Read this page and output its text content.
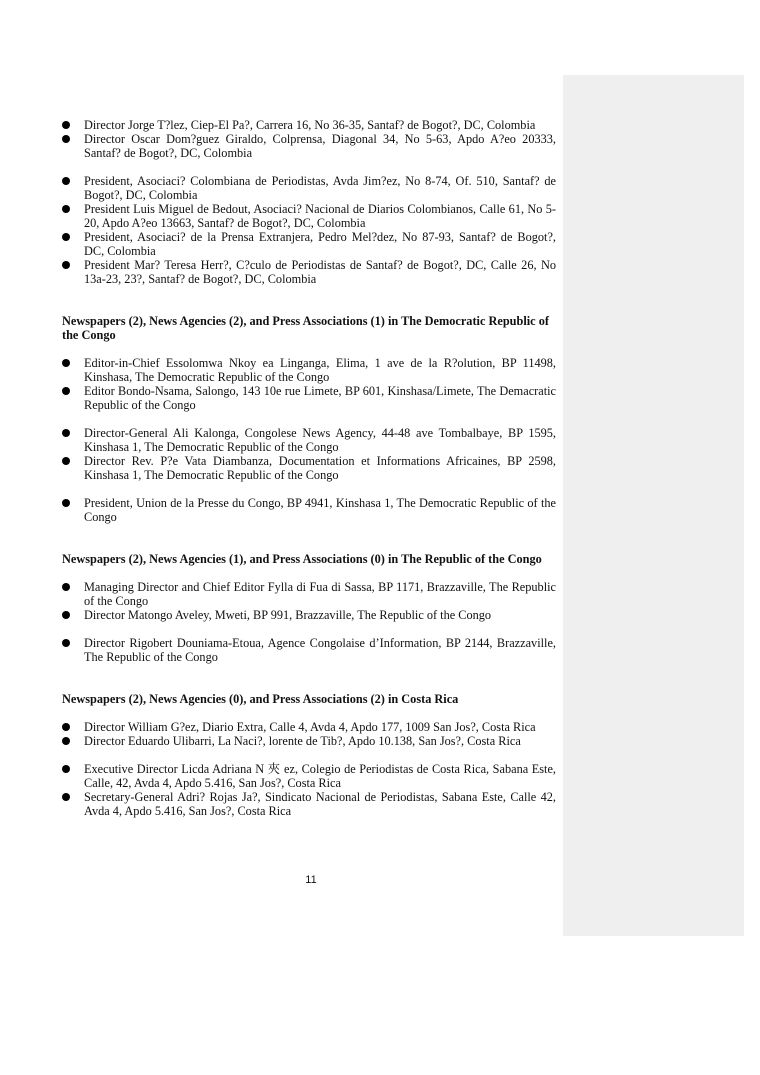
Director Jorge T?lez, Ciep-El Pa?, Carrera 16, No 36-35, Santaf? de Bogot?, DC, Colombia
Director Oscar Dom?guez Giraldo, Colprensa, Diagonal 34, No 5-63, Apdo A?eo 20333, Santaf? de Bogot?, DC, Colombia
President, Asociaci? Colombiana de Periodistas, Avda Jim?ez, No 8-74, Of. 510, Santaf? de Bogot?, DC, Colombia
President Luis Miguel de Bedout, Asociaci? Nacional de Diarios Colombianos, Calle 61, No 5-20, Apdo A?eo 13663, Santaf? de Bogot?, DC, Colombia
President, Asociaci? de la Prensa Extranjera, Pedro Mel?dez, No 87-93, Santaf? de Bogot?, DC, Colombia
President Mar? Teresa Herr?, C?culo de Periodistas de Santaf? de Bogot?, DC, Calle 26, No 13a-23, 23?, Santaf? de Bogot?, DC, Colombia
Newspapers (2), News Agencies (2), and Press Associations (1) in The Democratic Republic of the Congo
Editor-in-Chief Essolomwa Nkoy ea Linganga, Elima, 1 ave de la R?olution, BP 11498, Kinshasa, The Democratic Republic of the Congo
Editor Bondo-Nsama, Salongo, 143 10e rue Limete, BP 601, Kinshasa/Limete, The Demacratic Republic of the Congo
Director-General Ali Kalonga, Congolese News Agency, 44-48 ave Tombalbaye, BP 1595, Kinshasa 1, The Democratic Republic of the Congo
Director Rev. P?e Vata Diambanza, Documentation et Informations Africaines, BP 2598, Kinshasa 1, The Democratic Republic of the Congo
President, Union de la Presse du Congo, BP 4941, Kinshasa 1, The Democratic Republic of the Congo
Newspapers (2), News Agencies (1), and Press Associations (0) in The Republic of the Congo
Managing Director and Chief Editor Fylla di Fua di Sassa, BP 1171, Brazzaville, The Republic of the Congo
Director Matongo Aveley, Mweti, BP 991, Brazzaville, The Republic of the Congo
Director Rigobert Douniama-Etoua, Agence Congolaise d’Information, BP 2144, Brazzaville, The Republic of the Congo
Newspapers (2), News Agencies (0), and Press Associations (2) in Costa Rica
Director William G?ez, Diario Extra, Calle 4, Avda 4, Apdo 177, 1009 San Jos?, Costa Rica
Director Eduardo Ulibarri, La Naci?, lorente de Tib?, Apdo 10.138, San Jos?, Costa Rica
Executive Director Licda Adriana N 夾 ez, Colegio de Periodistas de Costa Rica, Sabana Este, Calle, 42, Avda 4, Apdo 5.416, San Jos?, Costa Rica
Secretary-General Adri? Rojas Ja?, Sindicato Nacional de Periodistas, Sabana Este, Calle 42, Avda 4, Apdo 5.416, San Jos?, Costa Rica
11
